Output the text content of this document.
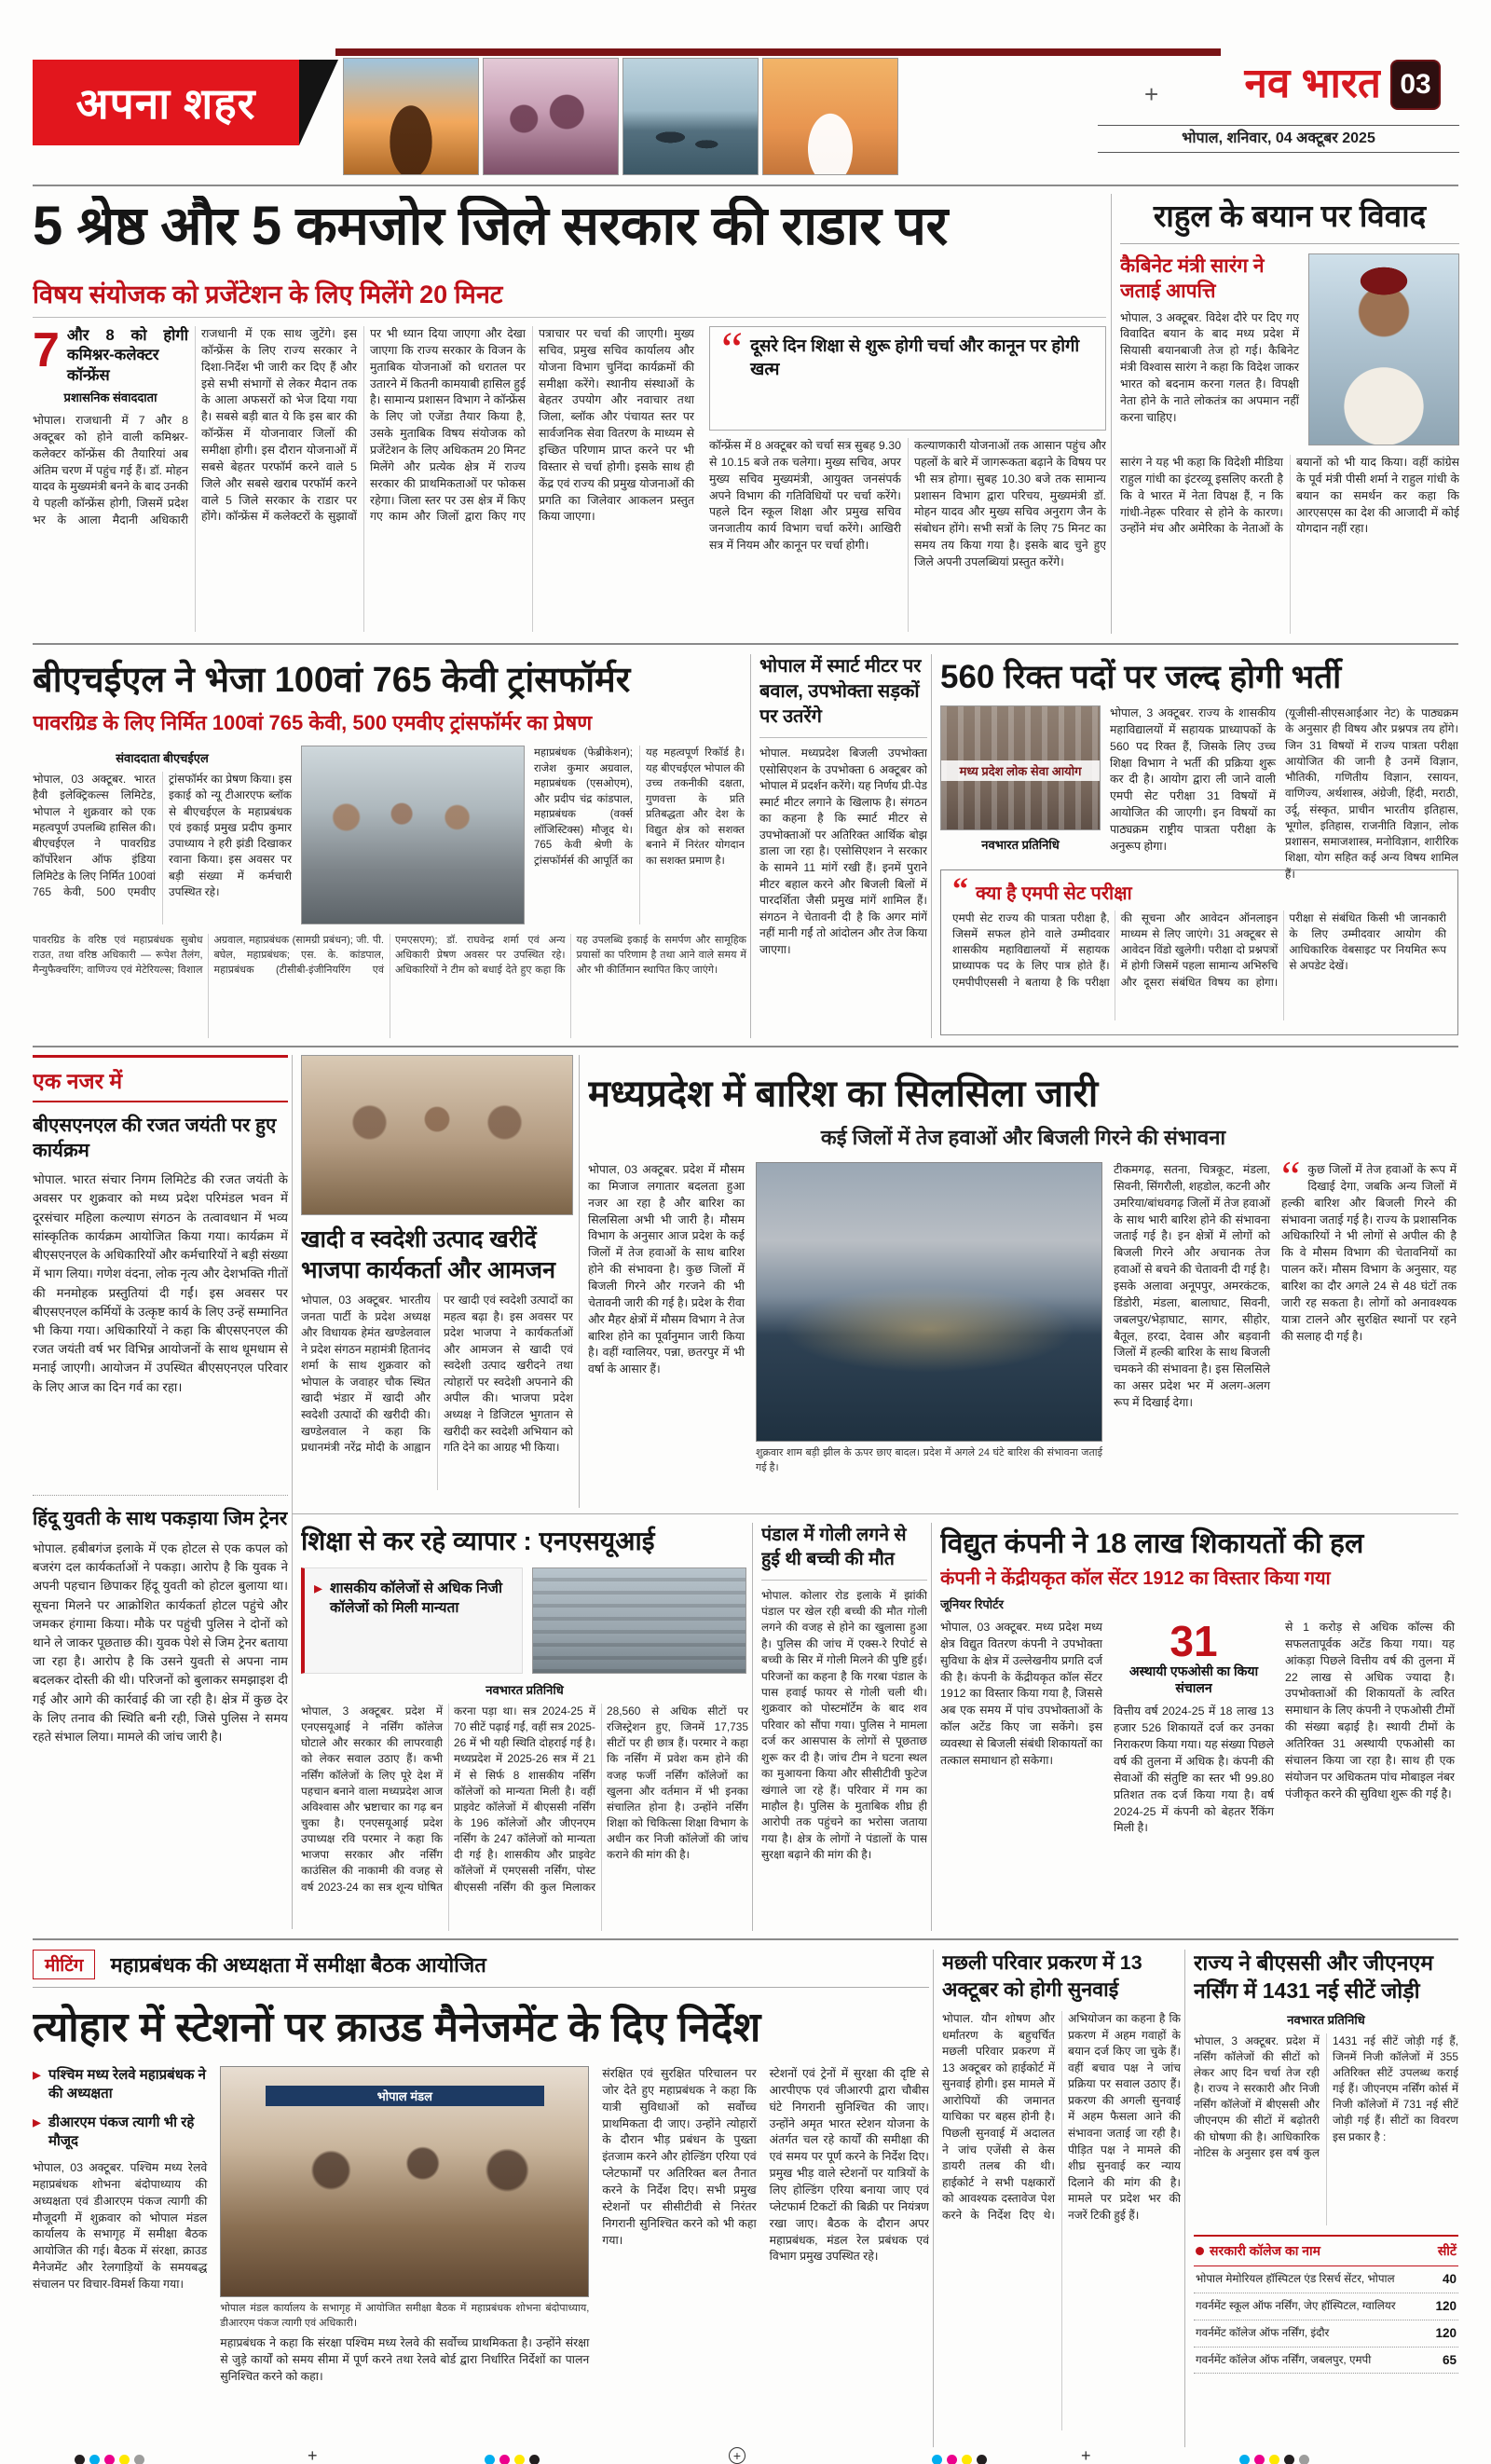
अपना शहर	+	नव भारत 03
भोपाल, शनिवार, 04 अक्टूबर 2025
5 श्रेष्ठ और 5 कमजोर जिले सरकार की राडार पर
विषय संयोजक को प्रजेंटेशन के लिए मिलेंगे 20 मिनट
7 और 8 को होगी कमिश्नर-कलेक्टर कॉन्फ्रेंस
प्रशासनिक संवाददाता

भोपाल। राजधानी में 7 और 8 अक्टूबर को होने वाली कमिश्नर-कलेक्टर कॉन्फ्रेंस की तैयारियां अब अंतिम चरण में पहुंच गई हैं। डॉ. मोहन यादव के मुख्यमंत्री बनने के बाद उनकी ये पहली कॉन्फ्रेंस होगी, जिसमें प्रदेश भर के आला मैदानी अधिकारी राजधानी में एक साथ जुटेंगे। इस कॉन्फ्रेंस के लिए राज्य सरकार ने दिशा-निर्देश भी जारी कर दिए हैं और इसे सभी संभागों से लेकर मैदान तक के आला अफसरों को भेज दिया गया है। सबसे बड़ी बात ये कि इस बार की कॉन्फ्रेंस में योजनावार जिलों की समीक्षा होगी। इस दौरान योजनाओं में सबसे बेहतर परफॉर्म करने वाले 5 जिले और सबसे खराब परफॉर्म करने वाले 5 जिले सरकार के राडार पर होंगे। कॉन्फ्रेंस में कलेक्टरों के सुझावों पर भी ध्यान दिया जाएगा और देखा जाएगा कि राज्य सरकार के विजन के मुताबिक योजनाओं को धरातल पर उतारने में कितनी कामयाबी हासिल हुई है। सामान्य प्रशासन विभाग ने कॉन्फ्रेंस के लिए जो एजेंडा तैयार किया है, उसके मुताबिक विषय संयोजक को प्रजेंटेशन के लिए अधिकतम 20 मिनट मिलेंगे और प्रत्येक क्षेत्र में राज्य सरकार की प्राथमिकताओं पर फोकस रहेगा। जिला स्तर पर उस क्षेत्र में किए गए काम और जिलों द्वारा किए गए पत्राचार पर चर्चा की जाएगी। मुख्य सचिव, प्रमुख सचिव कार्यालय और योजना विभाग चुनिंदा कार्यक्रमों की समीक्षा करेंगे। स्थानीय संस्थाओं के बेहतर उपयोग और नवाचार तथा जिला, ब्लॉक और पंचायत स्तर पर सार्वजनिक सेवा वितरण के माध्यम से इच्छित परिणाम प्राप्त करने पर भी विस्तार से चर्चा होगी। इसके साथ ही केंद्र एवं राज्य की प्रमुख योजनाओं की प्रगति का जिलेवार आकलन प्रस्तुत किया जाएगा।

“ दूसरे दिन शिक्षा से शुरू होगी चर्चा और कानून पर होगी खत्म

कॉन्फ्रेंस में 8 अक्टूबर को चर्चा सत्र सुबह 9.30 से 10.15 बजे तक चलेगा। मुख्य सचिव, अपर मुख्य सचिव मुख्यमंत्री, आयुक्त जनसंपर्क अपने विभाग की गतिविधियों पर चर्चा करेंगे। पहले दिन स्कूल शिक्षा और प्रमुख सचिव जनजातीय कार्य विभाग चर्चा करेंगे। आखिरी सत्र में नियम और कानून पर चर्चा होगी।

कल्याणकारी योजनाओं तक आसान पहुंच और पहलों के बारे में जागरूकता बढ़ाने के विषय पर भी सत्र होगा। सुबह 10.30 बजे तक सामान्य प्रशासन विभाग द्वारा परिचय, मुख्यमंत्री डॉ. मोहन यादव और मुख्य सचिव अनुराग जैन के संबोधन होंगे। सभी सत्रों के लिए 75 मिनट का समय तय किया गया है। इसके बाद चुने हुए जिले अपनी उपलब्धियां प्रस्तुत करेंगे।

राहुल के बयान पर विवाद
कैबिनेट मंत्री सारंग ने जताई आपत्ति

भोपाल, 3 अक्टूबर. विदेश दौरे पर दिए गए विवादित बयान के बाद मध्य प्रदेश में सियासी बयानबाजी तेज हो गई। कैबिनेट मंत्री विश्वास सारंग ने कहा कि विदेश जाकर भारत को बदनाम करना गलत है। विपक्षी नेता होने के नाते लोकतंत्र का अपमान नहीं करना चाहिए।

सारंग ने यह भी कहा कि विदेशी मीडिया राहुल गांधी का इंटरव्यू इसलिए करती है कि वे भारत में नेता विपक्ष हैं, न कि गांधी-नेहरू परिवार से होने के कारण। उन्होंने मंच और अमेरिका के नेताओं के बयानों को भी याद किया। वहीं कांग्रेस के पूर्व मंत्री पीसी शर्मा ने राहुल गांधी के बयान का समर्थन कर कहा कि आरएसएस का देश की आजादी में कोई योगदान नहीं रहा।

बीएचईएल ने भेजा 100वां 765 केवी ट्रांसफॉर्मर
पावरग्रिड के लिए निर्मित 100वां 765 केवी, 500 एमवीए ट्रांसफॉर्मर का प्रेषण
संवाददाता बीएचईएल

भोपाल, 03 अक्टूबर. भारत हैवी इलेक्ट्रिकल्स लिमिटेड, भोपाल ने शुक्रवार को एक महत्वपूर्ण उपलब्धि हासिल की। बीएचईएल ने पावरग्रिड कॉर्पोरेशन ऑफ इंडिया लिमिटेड के लिए निर्मित 100वां 765 केवी, 500 एमवीए ट्रांसफॉर्मर का प्रेषण किया। इस इकाई को न्यू टीआरएफ ब्लॉक से बीएचईएल के महाप्रबंधक एवं इकाई प्रमुख प्रदीप कुमार उपाध्याय ने हरी झंडी दिखाकर रवाना किया। इस अवसर पर बड़ी संख्या में कर्मचारी उपस्थित रहे।

महाप्रबंधक (फेब्रीकेशन); राजेश कुमार अग्रवाल, महाप्रबंधक (एसओएम), और प्रदीप चंद्र कांडपाल, महाप्रबंधक (वर्क्स लॉजिस्टिक्स) मौजूद थे। 765 केवी श्रेणी के ट्रांसफॉर्मर्स की आपूर्ति का यह महत्वपूर्ण रिकॉर्ड है। यह बीएचईएल भोपाल की उच्च तकनीकी दक्षता, गुणवत्ता के प्रति प्रतिबद्धता और देश के विद्युत क्षेत्र को सशक्त बनाने में निरंतर योगदान का सशक्त प्रमाण है।

पावरग्रिड के वरिष्ठ एवं महाप्रबंधक सुबोध राउत, तथा वरिष्ठ अधिकारी — रूपेश तैलंग, मैन्युफैक्चरिंग; वाणिज्य एवं मेटेरियल्स; विशाल अग्रवाल, महाप्रबंधक (सामग्री प्रबंधन); जी. पी. बघेल, महाप्रबंधक; एस. के. कांडपाल, महाप्रबंधक (टीसीबी-इंजीनियरिंग एवं एमएसएम); डॉ. राघवेन्द्र शर्मा एवं अन्य अधिकारी प्रेषण अवसर पर उपस्थित रहे। अधिकारियों ने टीम को बधाई देते हुए कहा कि यह उपलब्धि इकाई के समर्पण और सामूहिक प्रयासों का परिणाम है तथा आने वाले समय में और भी कीर्तिमान स्थापित किए जाएंगे।

भोपाल में स्मार्ट मीटर पर बवाल, उपभोक्ता सड़कों पर उतरेंगे

भोपाल. मध्यप्रदेश बिजली उपभोक्ता एसोसिएशन के उपभोक्ता 6 अक्टूबर को भोपाल में प्रदर्शन करेंगे। यह निर्णय प्री-पेड स्मार्ट मीटर लगाने के खिलाफ है। संगठन का कहना है कि स्मार्ट मीटर से उपभोक्ताओं पर अतिरिक्त आर्थिक बोझ डाला जा रहा है। एसोसिएशन ने सरकार के सामने 11 मांगें रखी हैं। इनमें पुराने मीटर बहाल करने और बिजली बिलों में पारदर्शिता जैसी प्रमुख मांगें शामिल हैं। संगठन ने चेतावनी दी है कि अगर मांगें नहीं मानी गईं तो आंदोलन और तेज किया जाएगा।

560 रिक्त पदों पर जल्द होगी भर्ती
मध्य प्रदेश लोक सेवा आयोग
नवभारत प्रतिनिधि

भोपाल, 3 अक्टूबर. राज्य के शासकीय महाविद्यालयों में सहायक प्राध्यापकों के 560 पद रिक्त हैं, जिसके लिए उच्च शिक्षा विभाग ने भर्ती की प्रक्रिया शुरू कर दी है। आयोग द्वारा ली जाने वाली एमपी सेट परीक्षा 31 विषयों में आयोजित की जाएगी। इन विषयों का पाठ्यक्रम राष्ट्रीय पात्रता परीक्षा के अनुरूप होगा।

(यूजीसी-सीएसआईआर नेट) के पाठ्यक्रम के अनुसार ही विषय और प्रश्नपत्र तय होंगे। जिन 31 विषयों में राज्य पात्रता परीक्षा आयोजित की जानी है उनमें विज्ञान, भौतिकी, गणितीय विज्ञान, रसायन, वाणिज्य, अर्थशास्त्र, अंग्रेजी, हिंदी, मराठी, उर्दू, संस्कृत, प्राचीन भारतीय इतिहास, भूगोल, इतिहास, राजनीति विज्ञान, लोक प्रशासन, समाजशास्त्र, मनोविज्ञान, शारीरिक शिक्षा, योग सहित कई अन्य विषय शामिल हैं।

“ क्या है एमपी सेट परीक्षा

एमपी सेट राज्य की पात्रता परीक्षा है, जिसमें सफल होने वाले उम्मीदवार शासकीय महाविद्यालयों में सहायक प्राध्यापक पद के लिए पात्र होते हैं। एमपीपीएससी ने बताया है कि परीक्षा की सूचना और आवेदन ऑनलाइन माध्यम से लिए जाएंगे। 31 अक्टूबर से आवेदन विंडो खुलेगी। परीक्षा दो प्रश्नपत्रों में होगी जिसमें पहला सामान्य अभिरुचि और दूसरा संबंधित विषय का होगा। परीक्षा से संबंधित किसी भी जानकारी के लिए उम्मीदवार आयोग की आधिकारिक वेबसाइट पर नियमित रूप से अपडेट देखें।

एक नजर में
बीएसएनएल की रजत जयंती पर हुए कार्यक्रम

भोपाल. भारत संचार निगम लिमिटेड की रजत जयंती के अवसर पर शुक्रवार को मध्य प्रदेश परिमंडल भवन में दूरसंचार महिला कल्याण संगठन के तत्वावधान में भव्य सांस्कृतिक कार्यक्रम आयोजित किया गया। कार्यक्रम में बीएसएनएल के अधिकारियों और कर्मचारियों ने बड़ी संख्या में भाग लिया। गणेश वंदना, लोक नृत्य और देशभक्ति गीतों की मनमोहक प्रस्तुतियां दी गईं। इस अवसर पर बीएसएनएल कर्मियों के उत्कृष्ट कार्य के लिए उन्हें सम्मानित भी किया गया। अधिकारियों ने कहा कि बीएसएनएल की रजत जयंती वर्ष भर विभिन्न आयोजनों के साथ धूमधाम से मनाई जाएगी। आयोजन में उपस्थित बीएसएनएल परिवार के लिए आज का दिन गर्व का रहा।

हिंदू युवती के साथ पकड़ाया जिम ट्रेनर

भोपाल. हबीबगंज इलाके में एक होटल से एक कपल को बजरंग दल कार्यकर्ताओं ने पकड़ा। आरोप है कि युवक ने अपनी पहचान छिपाकर हिंदू युवती को होटल बुलाया था। सूचना मिलने पर आक्रोशित कार्यकर्ता होटल पहुंचे और जमकर हंगामा किया। मौके पर पहुंची पुलिस ने दोनों को थाने ले जाकर पूछताछ की। युवक पेशे से जिम ट्रेनर बताया जा रहा है। आरोप है कि उसने युवती से अपना नाम बदलकर दोस्ती की थी। परिजनों को बुलाकर समझाइश दी गई और आगे की कार्रवाई की जा रही है। क्षेत्र में कुछ देर के लिए तनाव की स्थिति बनी रही, जिसे पुलिस ने समय रहते संभाल लिया। मामले की जांच जारी है।

खादी व स्वदेशी उत्पाद खरीदें भाजपा कार्यकर्ता और आमजन

भोपाल, 03 अक्टूबर. भारतीय जनता पार्टी के प्रदेश अध्यक्ष और विधायक हेमंत खण्डेलवाल ने प्रदेश संगठन महामंत्री हितानंद शर्मा के साथ शुक्रवार को भोपाल के जवाहर चौक स्थित खादी भंडार में खादी और स्वदेशी उत्पादों की खरीदी की। खण्डेलवाल ने कहा कि प्रधानमंत्री नरेंद्र मोदी के आह्वान पर खादी एवं स्वदेशी उत्पादों का महत्व बढ़ा है। इस अवसर पर प्रदेश भाजपा ने कार्यकर्ताओं और आमजन से खादी एवं स्वदेशी उत्पाद खरीदने तथा त्योहारों पर स्वदेशी अपनाने की अपील की। भाजपा प्रदेश अध्यक्ष ने डिजिटल भुगतान से खरीदी कर स्वदेशी अभियान को गति देने का आग्रह भी किया।

मध्यप्रदेश में बारिश का सिलसिला जारी
कई जिलों में तेज हवाओं और बिजली गिरने की संभावना

भोपाल, 03 अक्टूबर. प्रदेश में मौसम का मिजाज लगातार बदलता हुआ नजर आ रहा है और बारिश का सिलसिला अभी भी जारी है। मौसम विभाग के अनुसार आज प्रदेश के कई जिलों में तेज हवाओं के साथ बारिश होने की संभावना है। कुछ जिलों में बिजली गिरने और गरजने की भी चेतावनी जारी की गई है। प्रदेश के रीवा और मैहर क्षेत्रों में मौसम विभाग ने तेज बारिश होने का पूर्वानुमान जारी किया है। वहीं ग्वालियर, पन्ना, छतरपुर में भी वर्षा के आसार हैं।

शुक्रवार शाम बड़ी झील के ऊपर छाए बादल। प्रदेश में अगले 24 घंटे बारिश की संभावना जताई गई है।

टीकमगढ़, सतना, चित्रकूट, मंडला, सिवनी, सिंगरौली, शहडोल, कटनी और उमरिया/बांधवगढ़ जिलों में तेज हवाओं के साथ भारी बारिश होने की संभावना जताई गई है। इन क्षेत्रों में लोगों को बिजली गिरने और अचानक तेज हवाओं से बचने की चेतावनी दी गई है। इसके अलावा अनूपपुर, अमरकंटक, डिंडोरी, मंडला, बालाघाट, सिवनी, जबलपुर/भेड़ाघाट, सागर, सीहोर, बैतूल, हरदा, देवास और बड़वानी जिलों में हल्की बारिश के साथ बिजली चमकने की संभावना है। इस सिलसिले का असर प्रदेश भर में अलग-अलग रूप में दिखाई देगा।

“ कुछ जिलों में तेज हवाओं के रूप में दिखाई देगा, जबकि अन्य जिलों में हल्की बारिश और बिजली गिरने की संभावना जताई गई है। राज्य के प्रशासनिक अधिकारियों ने भी लोगों से अपील की है कि वे मौसम विभाग की चेतावनियों का पालन करें। मौसम विभाग के अनुसार, यह बारिश का दौर अगले 24 से 48 घंटों तक जारी रह सकता है। लोगों को अनावश्यक यात्रा टालने और सुरक्षित स्थानों पर रहने की सलाह दी गई है।

शिक्षा से कर रहे व्यापार : एनएसयूआई
▸ शासकीय कॉलेजों से अधिक निजी कॉलेजों को मिली मान्यता
नवभारत प्रतिनिधि

भोपाल, 3 अक्टूबर. प्रदेश में एनएसयूआई ने नर्सिंग कॉलेज घोटाले और सरकार की लापरवाही को लेकर सवाल उठाए हैं। कभी नर्सिंग कॉलेजों के लिए पूरे देश में पहचान बनाने वाला मध्यप्रदेश आज अविश्वास और भ्रष्टाचार का गढ़ बन चुका है। एनएसयूआई प्रदेश उपाध्यक्ष रवि परमार ने कहा कि भाजपा सरकार और नर्सिंग काउंसिल की नाकामी की वजह से वर्ष 2023-24 का सत्र शून्य घोषित करना पड़ा था। सत्र 2024-25 में 70 सीटें पढ़ाई गईं, वहीं सत्र 2025-26 में भी यही स्थिति दोहराई गई है। मध्यप्रदेश में 2025-26 सत्र में 21 में से सिर्फ 8 शासकीय नर्सिंग कॉलेजों को मान्यता मिली है। वहीं प्राइवेट कॉलेजों में बीएससी नर्सिंग के 196 कॉलेजों और जीएनएम नर्सिंग के 247 कॉलेजों को मान्यता दी गई है। शासकीय और प्राइवेट कॉलेजों में एमएससी नर्सिंग, पोस्ट बीएससी नर्सिंग की कुल मिलाकर 28,560 से अधिक सीटों पर रजिस्ट्रेशन हुए, जिनमें 17,735 सीटों पर ही छात्र हैं। परमार ने कहा कि नर्सिंग में प्रवेश कम होने की वजह फर्जी नर्सिंग कॉलेजों का खुलना और वर्तमान में भी इनका संचालित होना है। उन्होंने नर्सिंग शिक्षा को चिकित्सा शिक्षा विभाग के अधीन कर निजी कॉलेजों की जांच कराने की मांग की है।

पंडाल में गोली लगने से हुई थी बच्ची की मौत

भोपाल. कोलार रोड इलाके में झांकी पंडाल पर खेल रही बच्ची की मौत गोली लगने की वजह से होने का खुलासा हुआ है। पुलिस की जांच में एक्स-रे रिपोर्ट से बच्ची के सिर में गोली मिलने की पुष्टि हुई। परिजनों का कहना है कि गरबा पंडाल के पास हवाई फायर से गोली चली थी। शुक्रवार को पोस्टमॉर्टेम के बाद शव परिवार को सौंपा गया। पुलिस ने मामला दर्ज कर आसपास के लोगों से पूछताछ शुरू कर दी है। जांच टीम ने घटना स्थल का मुआयना किया और सीसीटीवी फुटेज खंगाले जा रहे हैं। परिवार में गम का माहौल है। पुलिस के मुताबिक शीघ्र ही आरोपी तक पहुंचने का भरोसा जताया गया है। क्षेत्र के लोगों ने पंडालों के पास सुरक्षा बढ़ाने की मांग की है।

विद्युत कंपनी ने 18 लाख शिकायतों की हल
कंपनी ने केंद्रीयकृत कॉल सेंटर 1912 का विस्तार किया गया
जूनियर रिपोर्टर

भोपाल, 03 अक्टूबर. मध्य प्रदेश मध्य क्षेत्र विद्युत वितरण कंपनी ने उपभोक्ता सुविधा के क्षेत्र में उल्लेखनीय प्रगति दर्ज की है। कंपनी के केंद्रीयकृत कॉल सेंटर 1912 का विस्तार किया गया है, जिससे अब एक समय में पांच उपभोक्ताओं के कॉल अटेंड किए जा सकेंगे। इस व्यवस्था से बिजली संबंधी शिकायतों का तत्काल समाधान हो सकेगा।

31
अस्थायी एफओसी का किया संचालन

वित्तीय वर्ष 2024-25 में 18 लाख 13 हजार 526 शिकायतें दर्ज कर उनका निराकरण किया गया। यह संख्या पिछले वर्ष की तुलना में अधिक है। कंपनी की सेवाओं की संतुष्टि का स्तर भी 99.80 प्रतिशत तक दर्ज किया गया है। वर्ष 2024-25 में कंपनी को बेहतर रैंकिंग मिली है।

से 1 करोड़ से अधिक कॉल्स की सफलतापूर्वक अटेंड किया गया। यह आंकड़ा पिछले वित्तीय वर्ष की तुलना में 22 लाख से अधिक ज्यादा है। उपभोक्ताओं की शिकायतों के त्वरित समाधान के लिए कंपनी ने एफओसी टीमों की संख्या बढ़ाई है। स्थायी टीमों के अतिरिक्त 31 अस्थायी एफओसी का संचालन किया जा रहा है। साथ ही एक संयोजन पर अधिकतम पांच मोबाइल नंबर पंजीकृत करने की सुविधा शुरू की गई है।

मीटिंग	महाप्रबंधक की अध्यक्षता में समीक्षा बैठक आयोजित
त्योहार में स्टेशनों पर क्राउड मैनेजमेंट के दिए निर्देश
▸ पश्चिम मध्य रेलवे महाप्रबंधक ने की अध्यक्षता
▸ डीआरएम पंकज त्यागी भी रहे मौजूद

भोपाल, 03 अक्टूबर. पश्चिम मध्य रेलवे महाप्रबंधक शोभना बंदोपाध्याय की अध्यक्षता एवं डीआरएम पंकज त्यागी की मौजूदगी में शुक्रवार को भोपाल मंडल कार्यालय के सभागृह में समीक्षा बैठक आयोजित की गई। बैठक में संरक्षा, क्राउड मैनेजमेंट और रेलगाड़ियों के समयबद्ध संचालन पर विचार-विमर्श किया गया।

भोपाल मंडल
भोपाल मंडल कार्यालय के सभागृह में आयोजित समीक्षा बैठक में महाप्रबंधक शोभना बंदोपाध्याय, डीआरएम पंकज त्यागी एवं अधिकारी।

महाप्रबंधक ने कहा कि संरक्षा पश्चिम मध्य रेलवे की सर्वोच्च प्राथमिकता है। उन्होंने संरक्षा से जुड़े कार्यों को समय सीमा में पूर्ण करने तथा रेलवे बोर्ड द्वारा निर्धारित निर्देशों का पालन सुनिश्चित करने को कहा।

संरक्षित एवं सुरक्षित परिचालन पर जोर देते हुए महाप्रबंधक ने कहा कि यात्री सुविधाओं को सर्वोच्च प्राथमिकता दी जाए। उन्होंने त्योहारों के दौरान भीड़ प्रबंधन के पुख्ता इंतजाम करने और होल्डिंग एरिया एवं प्लेटफार्मों पर अतिरिक्त बल तैनात करने के निर्देश दिए। सभी प्रमुख स्टेशनों पर सीसीटीवी से निरंतर निगरानी सुनिश्चित करने को भी कहा गया।

स्टेशनों एवं ट्रेनों में सुरक्षा की दृष्टि से आरपीएफ एवं जीआरपी द्वारा चौबीस घंटे निगरानी सुनिश्चित की जाए। उन्होंने अमृत भारत स्टेशन योजना के अंतर्गत चल रहे कार्यों की समीक्षा की एवं समय पर पूर्ण करने के निर्देश दिए। प्रमुख भीड़ वाले स्टेशनों पर यात्रियों के लिए होल्डिंग एरिया बनाया जाए एवं प्लेटफार्म टिकटों की बिक्री पर नियंत्रण रखा जाए। बैठक के दौरान अपर महाप्रबंधक, मंडल रेल प्रबंधक एवं विभाग प्रमुख उपस्थित रहे।

मछली परिवार प्रकरण में 13 अक्टूबर को होगी सुनवाई

भोपाल. यौन शोषण और धर्मांतरण के बहुचर्चित मछली परिवार प्रकरण में 13 अक्टूबर को हाईकोर्ट में सुनवाई होगी। इस मामले में आरोपियों की जमानत याचिका पर बहस होनी है। पिछली सुनवाई में अदालत ने जांच एजेंसी से केस डायरी तलब की थी। हाईकोर्ट ने सभी पक्षकारों को आवश्यक दस्तावेज पेश करने के निर्देश दिए थे। अभियोजन का कहना है कि प्रकरण में अहम गवाहों के बयान दर्ज किए जा चुके हैं। वहीं बचाव पक्ष ने जांच प्रक्रिया पर सवाल उठाए हैं। प्रकरण की अगली सुनवाई में अहम फैसला आने की संभावना जताई जा रही है। पीड़ित पक्ष ने मामले की शीघ्र सुनवाई कर न्याय दिलाने की मांग की है। मामले पर प्रदेश भर की नजरें टिकी हुई हैं।

राज्य ने बीएससी और जीएनएम नर्सिंग में 1431 नई सीटें जोड़ी
नवभारत प्रतिनिधि

भोपाल, 3 अक्टूबर. प्रदेश में नर्सिंग कॉलेजों की सीटों को लेकर आए दिन चर्चा तेज रही है। राज्य ने सरकारी और निजी नर्सिंग कॉलेजों में बीएससी और जीएनएम की सीटों में बढ़ोतरी की घोषणा की है। आधिकारिक नोटिस के अनुसार इस वर्ष कुल 1431 नई सीटें जोड़ी गई हैं, जिनमें निजी कॉलेजों में 355 अतिरिक्त सीटें उपलब्ध कराई गई हैं। जीएनएम नर्सिंग कोर्स में निजी कॉलेजों में 731 नई सीटें जोड़ी गई हैं। सीटों का विवरण इस प्रकार है :

सरकारी कॉलेज का नाम	सीटें
भोपाल मेमोरियल हॉस्पिटल एंड रिसर्च सेंटर, भोपाल	40
गवर्नमेंट स्कूल ऑफ नर्सिंग, जेए हॉस्पिटल, ग्वालियर	120
गवर्नमेंट कॉलेज ऑफ नर्सिंग, इंदौर	120
गवर्नमेंट कॉलेज ऑफ नर्सिंग, जबलपुर, एमपी	65
+	+	+
